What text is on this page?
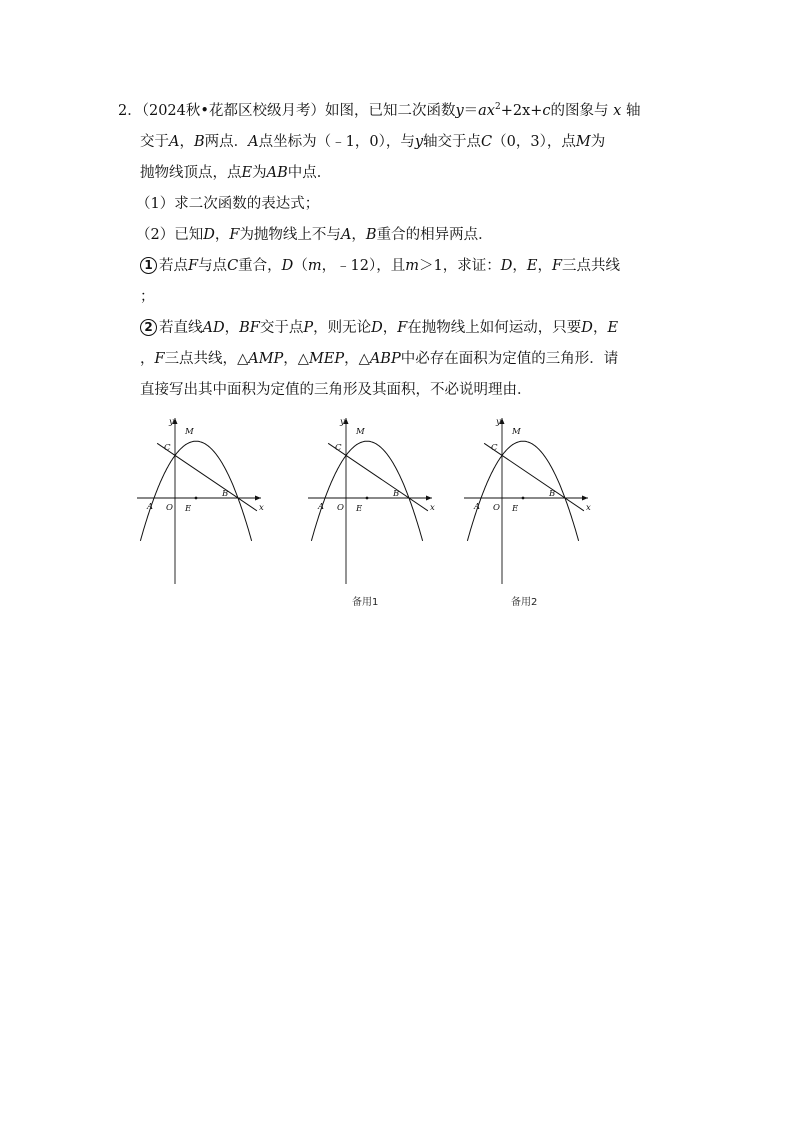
2．（2024秋•花都区校级月考）如图，已知二次函数$y=ax^2+2x+c$的图象与 x 轴
交于A，B两点．A点坐标为（﹣1，0），与y轴交于点C（0，3），点M为
抛物线顶点，点E为AB中点．
（1）求二次函数的表达式；
（2）已知D，F为抛物线上不与A，B重合的相异两点．
1 若点F与点C重合，D（m，﹣12），且m＞1，求证：D，E，F三点共线
；
2 若直线AD，BF交于点P，则无论D，F在抛物线上如何运动，只要D，E
，F三点共线，△AMP，△MEP，△ABP中必存在面积为定值的三角形．请
直接写出其中面积为定值的三角形及其面积，不必说明理由．
y
x
M
C
B
A O E
y
x
M
C
B
A O E
y
x
M
C
B
A O E
备用1	备用2
